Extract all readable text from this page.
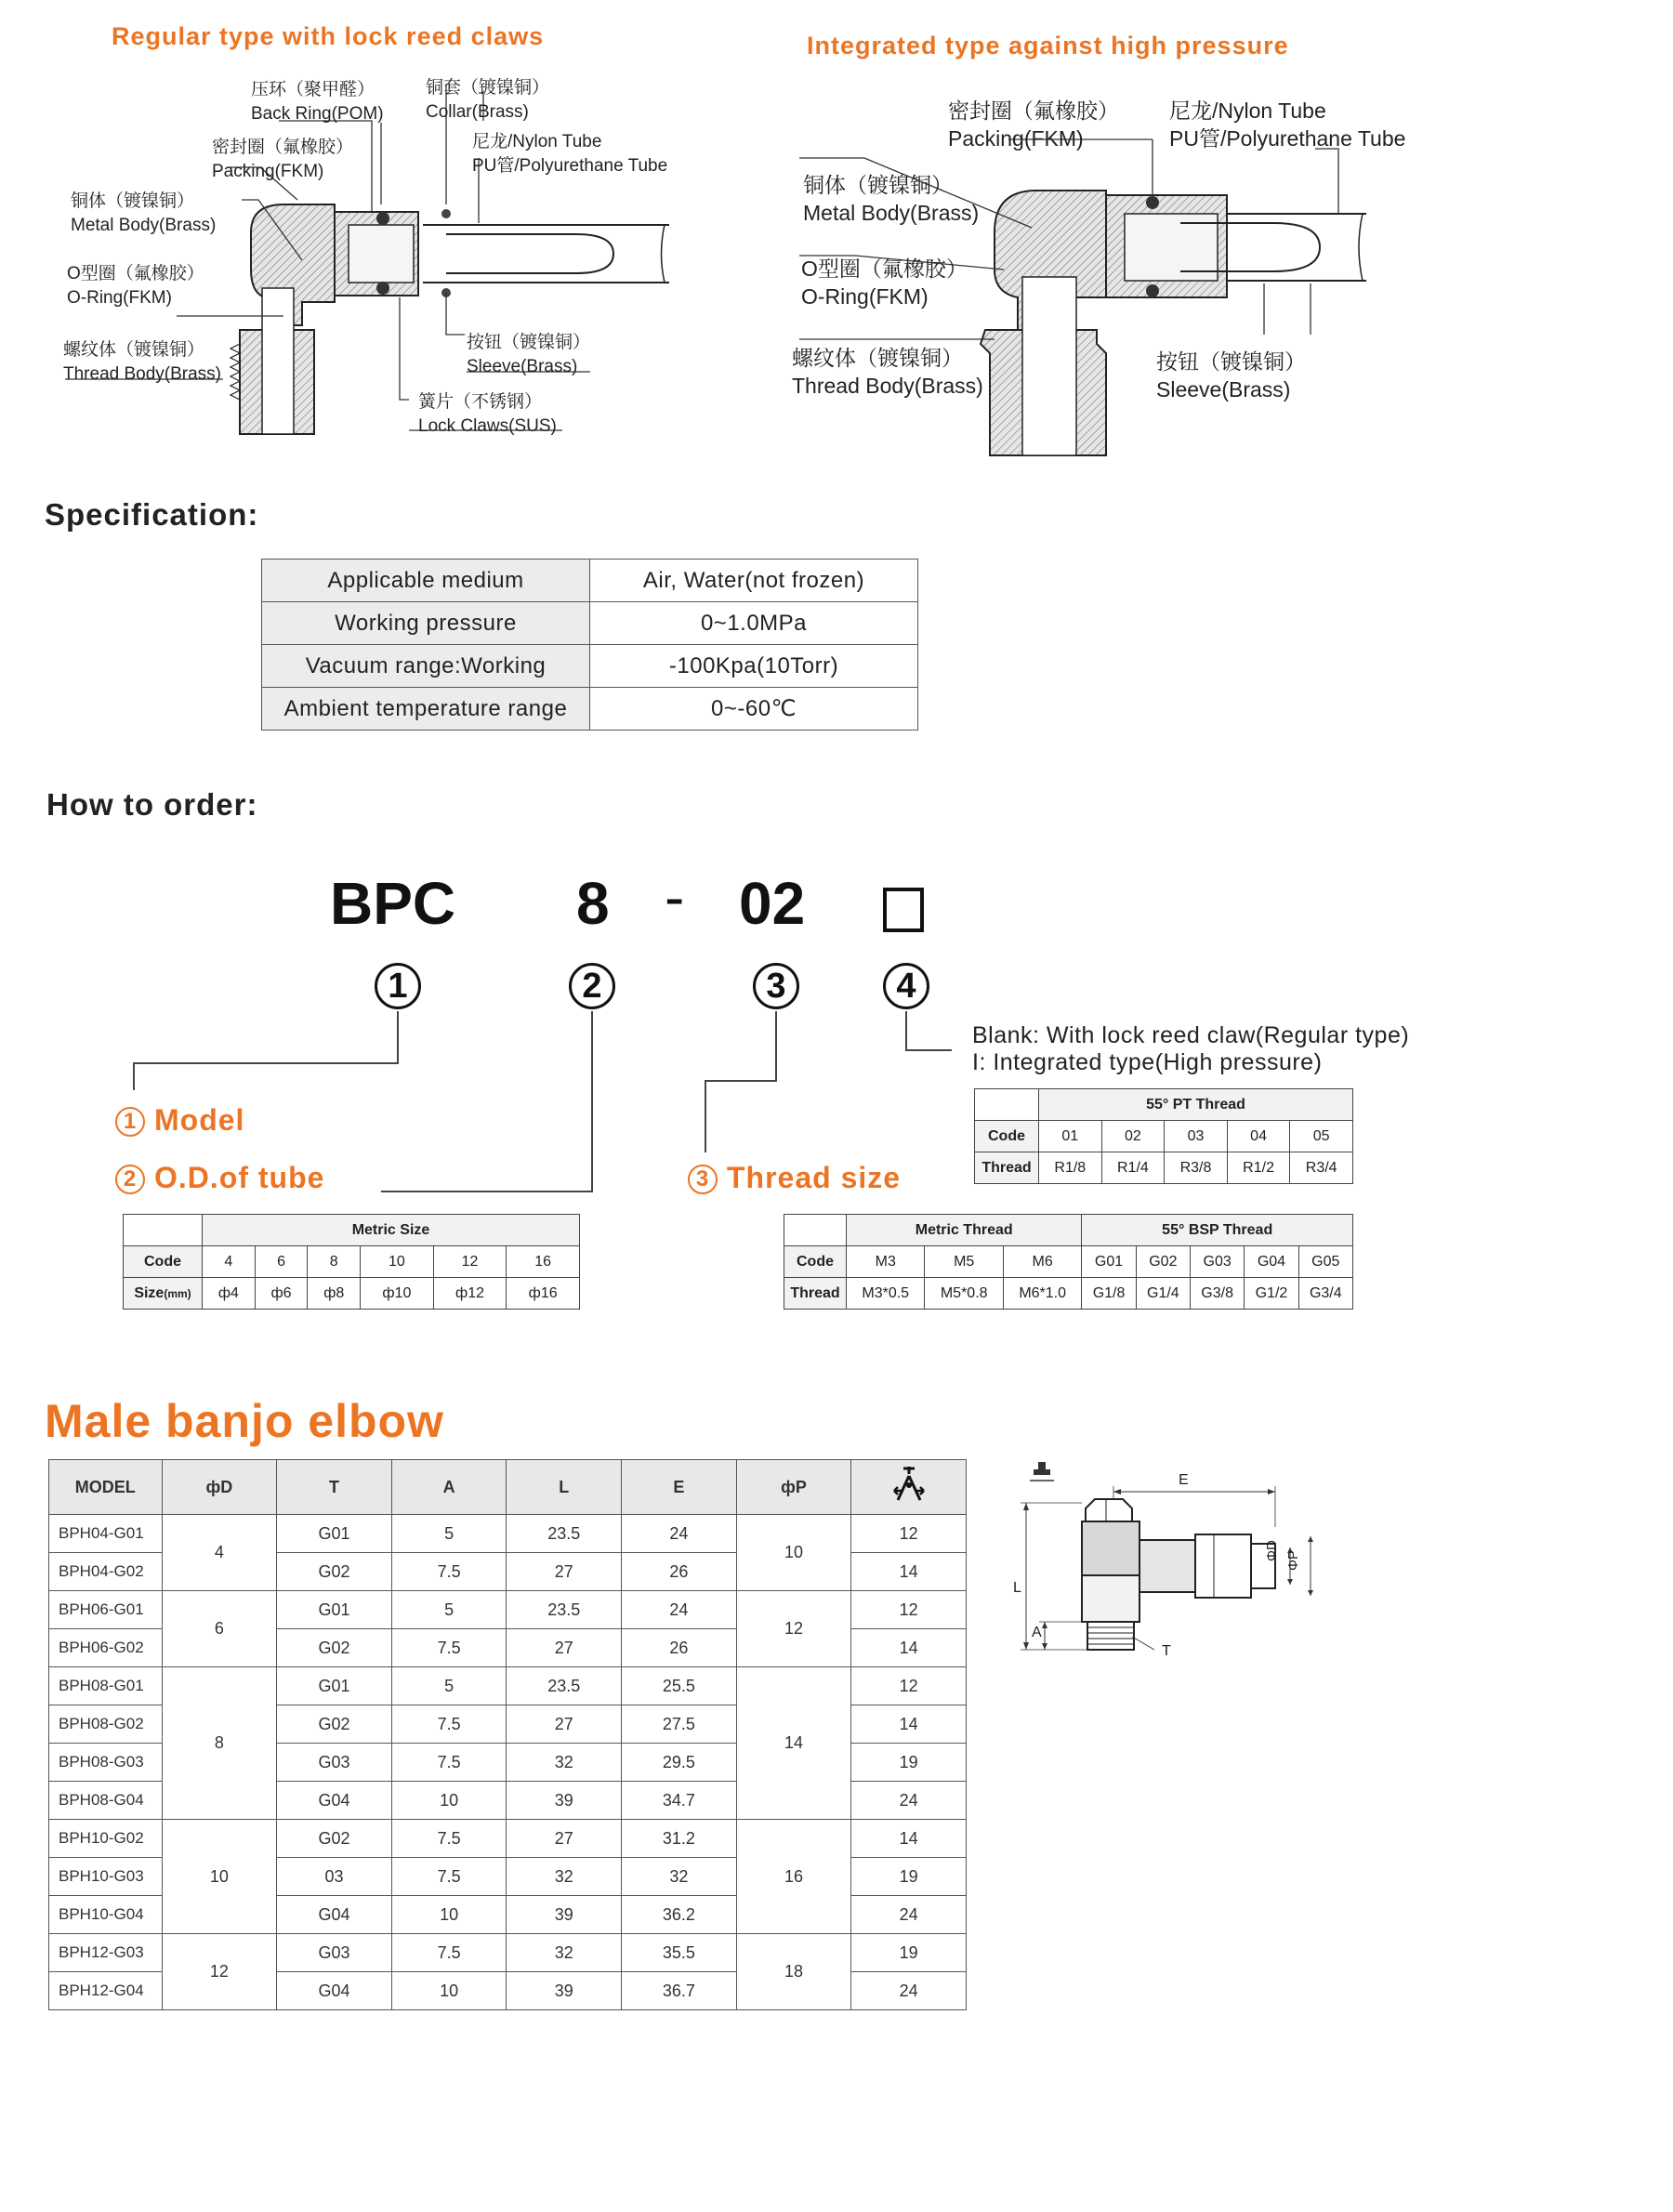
Regular type with lock reed claws	Integrated type against high pressure
压环（聚甲醛）
Back Ring(POM)
铜套（镀镍铜）
Collar(Brass)
密封圈（氟橡胶）
Packing(FKM)
尼龙/Nylon Tube
PU管/Polyurethane Tube
铜体（镀镍铜）
Metal Body(Brass)
O型圈（氟橡胶）
O-Ring(FKM)
螺纹体（镀镍铜）
Thread Body(Brass)
按钮（镀镍铜）
Sleeve(Brass)
簧片（不锈钢）
Lock Claws(SUS)
密封圈（氟橡胶）
Packing(FKM)
尼龙/Nylon Tube
PU管/Polyurethane Tube
铜体（镀镍铜）
Metal Body(Brass)
O型圈（氟橡胶）
O-Ring(FKM)
螺纹体（镀镍铜）
Thread Body(Brass)
按钮（镀镍铜）
Sleeve(Brass)
Specification:
Applicable medium	Air, Water(not frozen)
Working pressure	0~1.0MPa
Vacuum range:Working	-100Kpa(10Torr)
Ambient temperature range	0~-60℃
How to order:
BPC 8 - 02
1	2	3	4
1 Model
2 O.D.of tube	3 Thread size
Blank: With lock reed claw(Regular type)
I: Integrated type(High pressure)
	55° PT Thread				
Code	01	02	03	04	05
Thread	R1/8	R1/4	R3/8	R1/2	R3/4
	Metric Size					
Code	4	6	8	10	12	16
Size(mm)	ф4	ф6	ф8	ф10	ф12	ф16
	Metric Thread			55° BSP Thread				
Code	M3	M5	M6	G01	G02	G03	G04	G05
Thread	M3*0.5	M5*0.8	M6*1.0	G1/8	G1/4	G3/8	G1/2	G3/4
Male banjo elbow
MODEL	фD	T	A	L	E	фP	
BPH04-G01	4	G01	5	23.5	24	10	12
BPH04-G02		G02	7.5	27	26		14
BPH06-G01	6	G01	5	23.5	24	12	12
BPH06-G02		G02	7.5	27	26		14
BPH08-G01	8	G01	5	23.5	25.5	14	12
BPH08-G02		G02	7.5	27	27.5		14
BPH08-G03		G03	7.5	32	29.5		19
BPH08-G04		G04	10	39	34.7		24
BPH10-G02	10	G02	7.5	27	31.2	16	14
BPH10-G03		03	7.5	32	32		19
BPH10-G04		G04	10	39	36.2		24
BPH12-G03	12	G03	7.5	32	35.5	18	19
BPH12-G04		G04	10	39	36.7		24
E
L
A
T
ΦD ΦP
